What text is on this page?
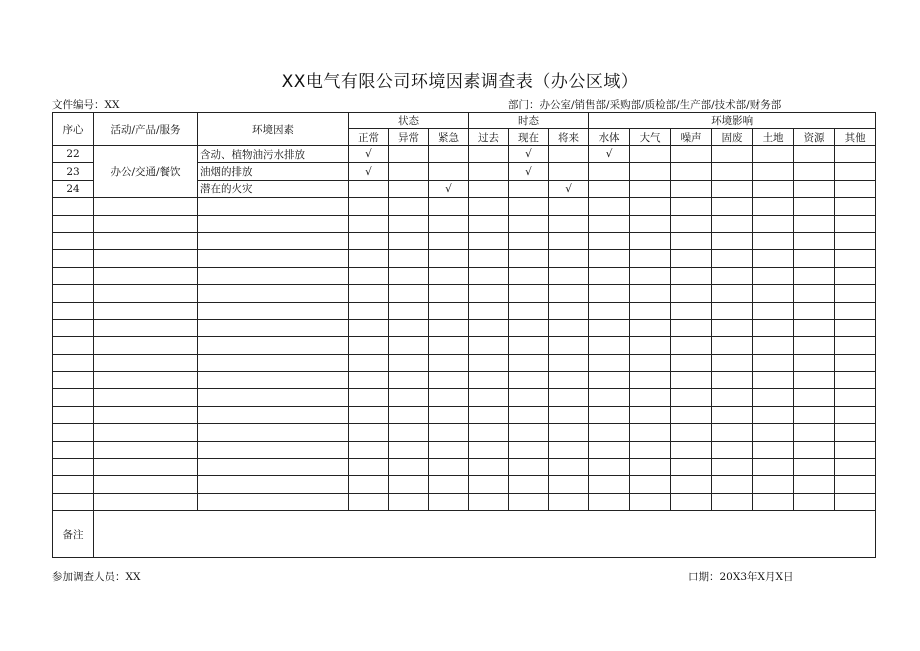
XX电气有限公司环境因素调查表（办公区域）
文件编号：XX	部门：办公室/销售部/采购部/质检部/生产部/技术部/财务部
序心	活动/产品/服务	环境因素	状态			时态			环境影响						
			正常	异常	紧急	过去	现在	将来	水体	大气	噪声	固废	土地	资源	其他
22	办公/交通/餐饮	含动、植物油污水排放	√				√		√						
23		油烟的排放	√				√								
24		潜在的火灾			√			√							

备注															
参加调查人员：XX	口期：20X3年X月X日
